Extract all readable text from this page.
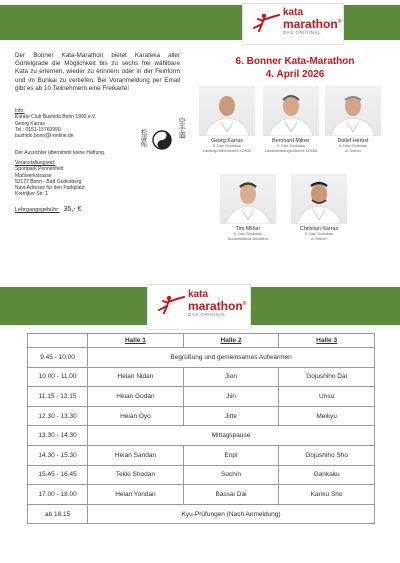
kata
marathon®
DAS ORIGINAL
Der Bonner Kata-Marathon bietet Karateka aller Gürtelgrade die Möglichkeit bis zu sechs frei wählbare Kata zu erlernen, wieder zu erinnern oder in der Feinform und im Bunkai zu vertiefen. Bei Voranmeldung per Email gibt es ab 10 Teilnehmern eine Freikarte!
Info:
Karate Club Bushido Bonn 1990 e.V.
Georg Karras
Tel.: 0151-15760990
bushido.bonn@t-online.de	空手道
松濤館
Der Ausrichter übernimmt keine Haftung.
Veranstaltungsort:
Sportpark Pennenfeld
Maßwerkstrasse
53177 Bonn - Bad Godesberg
Navi-Adresse für den Parkplatz:
Kortrijker Str. 1
Lehrgangsgebühr: 35,- €
6. Bonner Kata-Marathon
4. April 2026
Georg Karras
8. Dan Shotokan
Landesprüferreferent KDNW
Bernhard Milner
9. Dan Shotokan
Landestrainingsreferent KDNW
Detlef Herbst
8. Dan Shotokan
A-Trainer
Tim Milner
5. Dan Shotokan
Bundestrainer Assistent
Christian Karras
5. Dan Shotokan
A-Trainer
kata
marathon®
DAS ORIGINAL
	Halle 1	Halle 2	Halle 3
9.45 - 10.00	Begrüßung und gemeinsames Aufwärmen		
10.00 - 11.00	Heian Nidan	Jion	Gojushiho Dai
11.15 - 12.15	Heian Godan	Jiin	Unsu
12.30 - 13.30	Heian Oyo	Jitte	Meikyu
13.30 - 14.30	Mittagspause		
14.30 - 15.30	Heian Sandan	Enpi	Gojushiho Sho
15.45 - 16.45	Tekki Shodan	Sochin	Gankaku
17.00 - 18.00	Heian Yondan	Bassai Dai	Kanku Sho
ab 18.15	Kyu-Prüfungen (Nach Anmeldung)		
